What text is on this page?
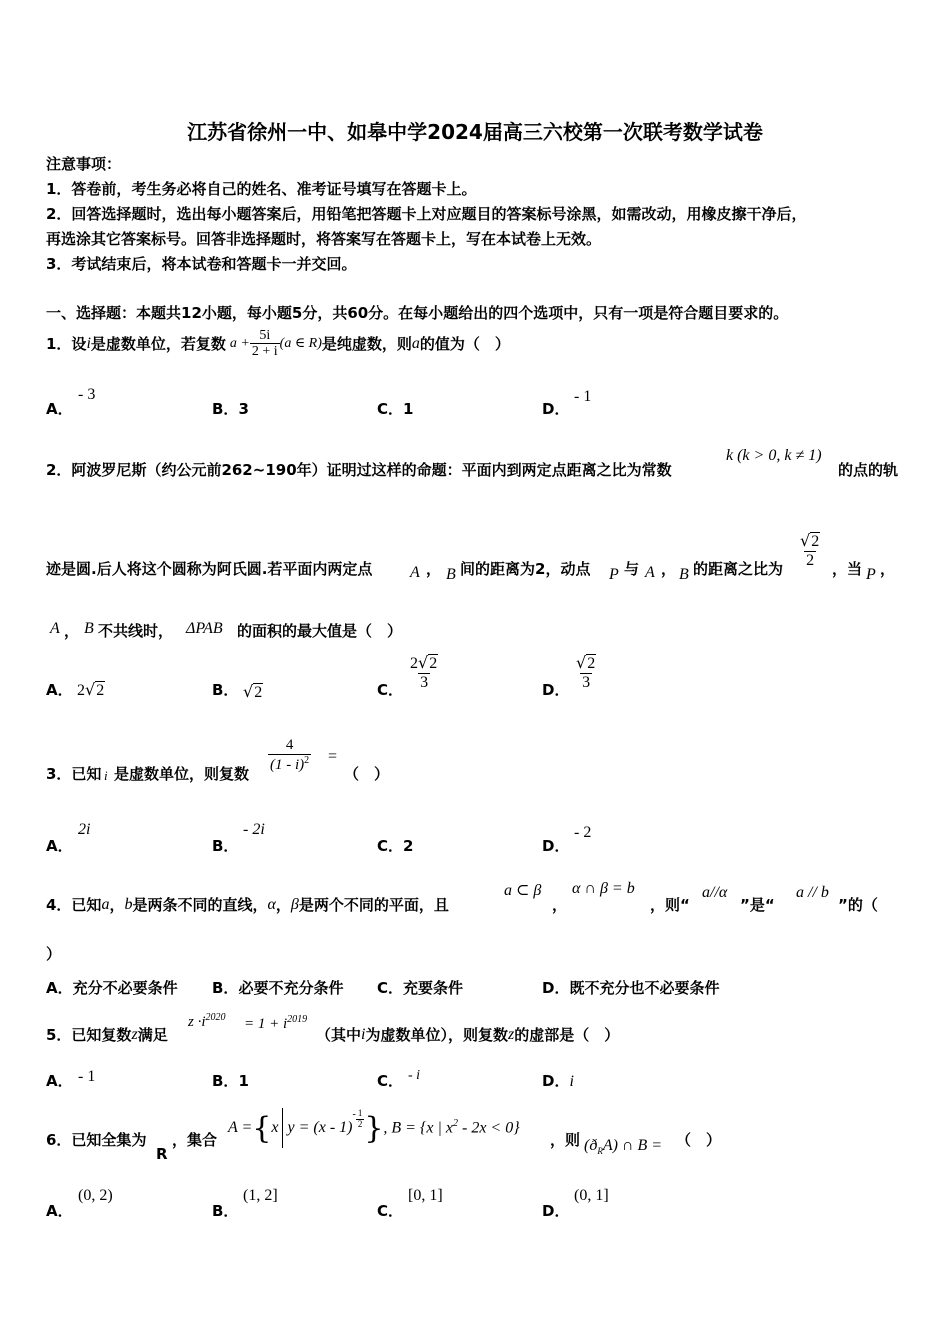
江苏省徐州一中、如皋中学2024届高三六校第一次联考数学试卷
注意事项：
1．答卷前，考生务必将自己的姓名、准考证号填写在答题卡上。
2．回答选择题时，选出每小题答案后，用铅笔把答题卡上对应题目的答案标号涂黑，如需改动，用橡皮擦干净后，
再选涂其它答案标号。回答非选择题时，将答案写在答题卡上，写在本试卷上无效。
3．考试结束后，将本试卷和答题卡一并交回。
一、选择题：本题共12小题，每小题5分，共60分。在每小题给出的四个选项中，只有一项是符合题目要求的。
1．设 i 是虚数单位，若复数 $a + \frac{5i}{2 + i} (a$ ∈ R) 是纯虚数，则 a 的值为（　）
A．
- 3
B．3	C．1	D．
- 1
2．阿波罗尼斯（约公元前262~190年）证明过这样的命题：平面内到两定点距离之比为常数
k (k > 0, k ≠ 1)
的点的轨
迹是圆.后人将这个圆称为阿氏圆.若平面内两定点 A ， B 间的距离为2，动点 P 与 A ， B 的距离之比为 $\frac{√2}{2}$ ，当 P ，
A ， B 不共线时， ΔPAB 的面积的最大值是（　）
A． 2√2	B． √2	C． $\frac{2√2}{3}$	D． $\frac{√2}{3}$
3．已知 i 是虚数单位，则复数
$\frac{4}{(1 - i)^2}$ =
（　）
A．
2i
B．
- 2i
C．2	D．
- 2
4．已知 a ， b 是两条不同的直线， α ， β 是两个不同的平面，且
a ⊂ β
，
α ∩ β = b
，则“
a//α
”是“
a // b
”的（
）
A．充分不必要条件 B．必要不充分条件 C．充要条件	D．既不充分也不必要条件
5．已知复数 z 满足
$z \cdot i^{2020} = 1 + i^{2019}$
（其中 i 为虚数单位），则复数 z 的虚部是（　）
A． - 1	B．1	C． - i	D．i
6．已知全集为
R
，集合
A = { x y = (x - 1)
- $\frac{1}{2}$ } , B = {x | $x^2 - 2x < 0$}
，则 $(ð_RA)$ ∩ B = （　）
A．
(0, 2)
B．
(1, 2]
C．
[0, 1]
D．
(0, 1]
